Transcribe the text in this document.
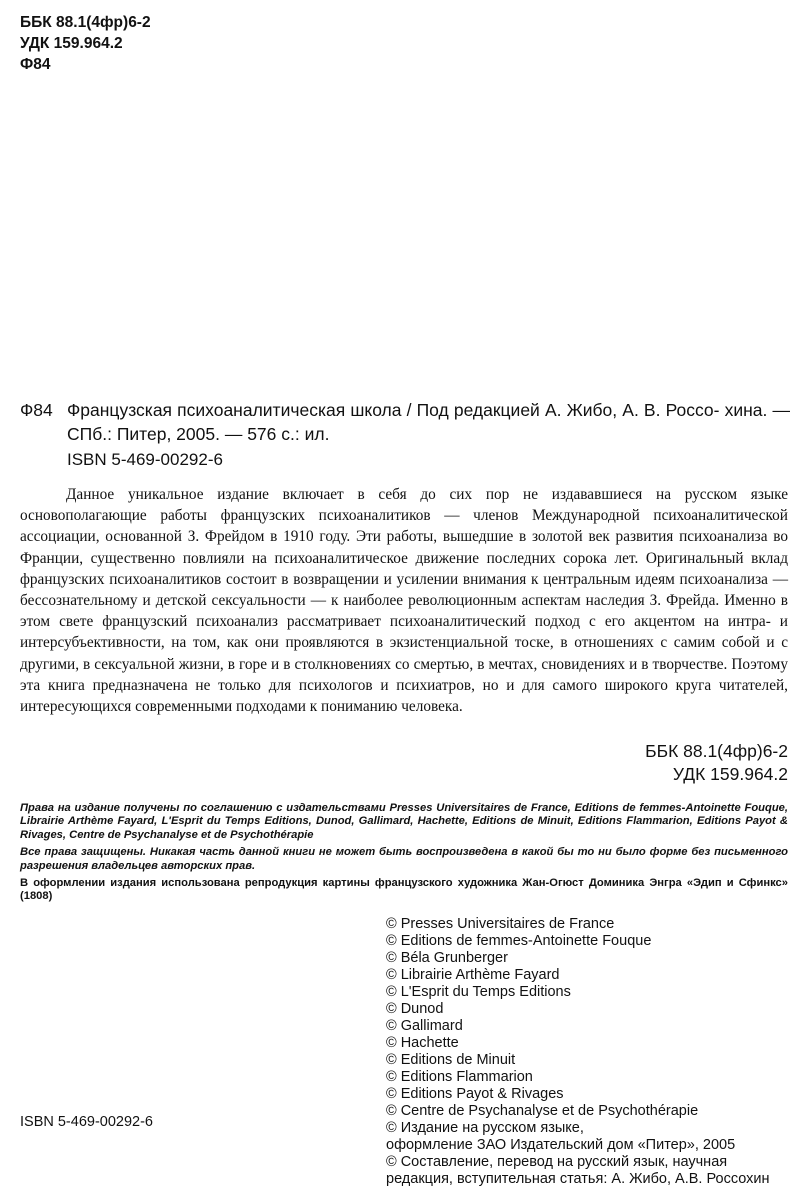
ББК 88.1(4фр)6-2
УДК 159.964.2
Ф84
Ф84 Французская психоаналитическая школа / Под редакцией А. Жибо, А. В. Россо- хина. — СПб.: Питер, 2005. — 576 с.: ил.
ISBN 5-469-00292-6
Данное уникальное издание включает в себя до сих пор не издававшиеся на русском языке основополагающие работы французских психоаналитиков — членов Международной психоаналитической ассоциации, основанной З. Фрейдом в 1910 году. Эти работы, вышедшие в золотой век развития психоанализа во Франции, существенно повлияли на психоаналитическое движение последних сорока лет. Оригинальный вклад французских психоаналитиков состоит в возвращении и усилении внимания к центральным идеям психоанализа — бессознательному и детской сексуальности — к наиболее революционным аспектам наследия З. Фрейда. Именно в этом свете французский психоанализ рассматривает психоаналитический подход с его акцентом на интра- и интерсубъективности, на том, как они проявляются в экзистенциальной тоске, в отношениях с самим собой и с другими, в сексуальной жизни, в горе и в столкновениях со смертью, в мечтах, сновидениях и в творчестве. Поэтому эта книга предназначена не только для психологов и психиатров, но и для самого широкого круга читателей, интересующихся современными подходами к пониманию человека.
ББК 88.1(4фр)6-2
УДК 159.964.2

Права на издание получены по соглашению с издательствами Presses Universitaires de France, Editions de femmes-Antoinette Fouque, Librairie Arthème Fayard, L'Esprit du Temps Editions, Dunod, Gallimard, Hachette, Editions de Minuit, Editions Flammarion, Editions Payot & Rivages, Centre de Psychanalyse et de Psychothérapie

Все права защищены. Никакая часть данной книги не может быть воспроизведена в какой бы то ни было форме без письменного разрешения владельцев авторских прав.

В оформлении издания использована репродукция картины французского художника Жан-Огюст Доминика Энгра «Эдип и Сфинкс» (1808)

© Presses Universitaires de France
© Editions de femmes-Antoinette Fouque
© Béla Grunberger
© Librairie Arthème Fayard
© L'Esprit du Temps Editions
© Dunod
© Gallimard
© Hachette
© Editions de Minuit
© Editions Flammarion
© Editions Payot & Rivages
© Centre de Psychanalyse et de Psychothérapie
© Издание на русском языке,
оформление ЗАО Издательский дом «Питер», 2005
© Составление, перевод на русский язык, научная
редакция, вступительная статья: А. Жибо, А.В. Россохин
ISBN 5-469-00292-6
